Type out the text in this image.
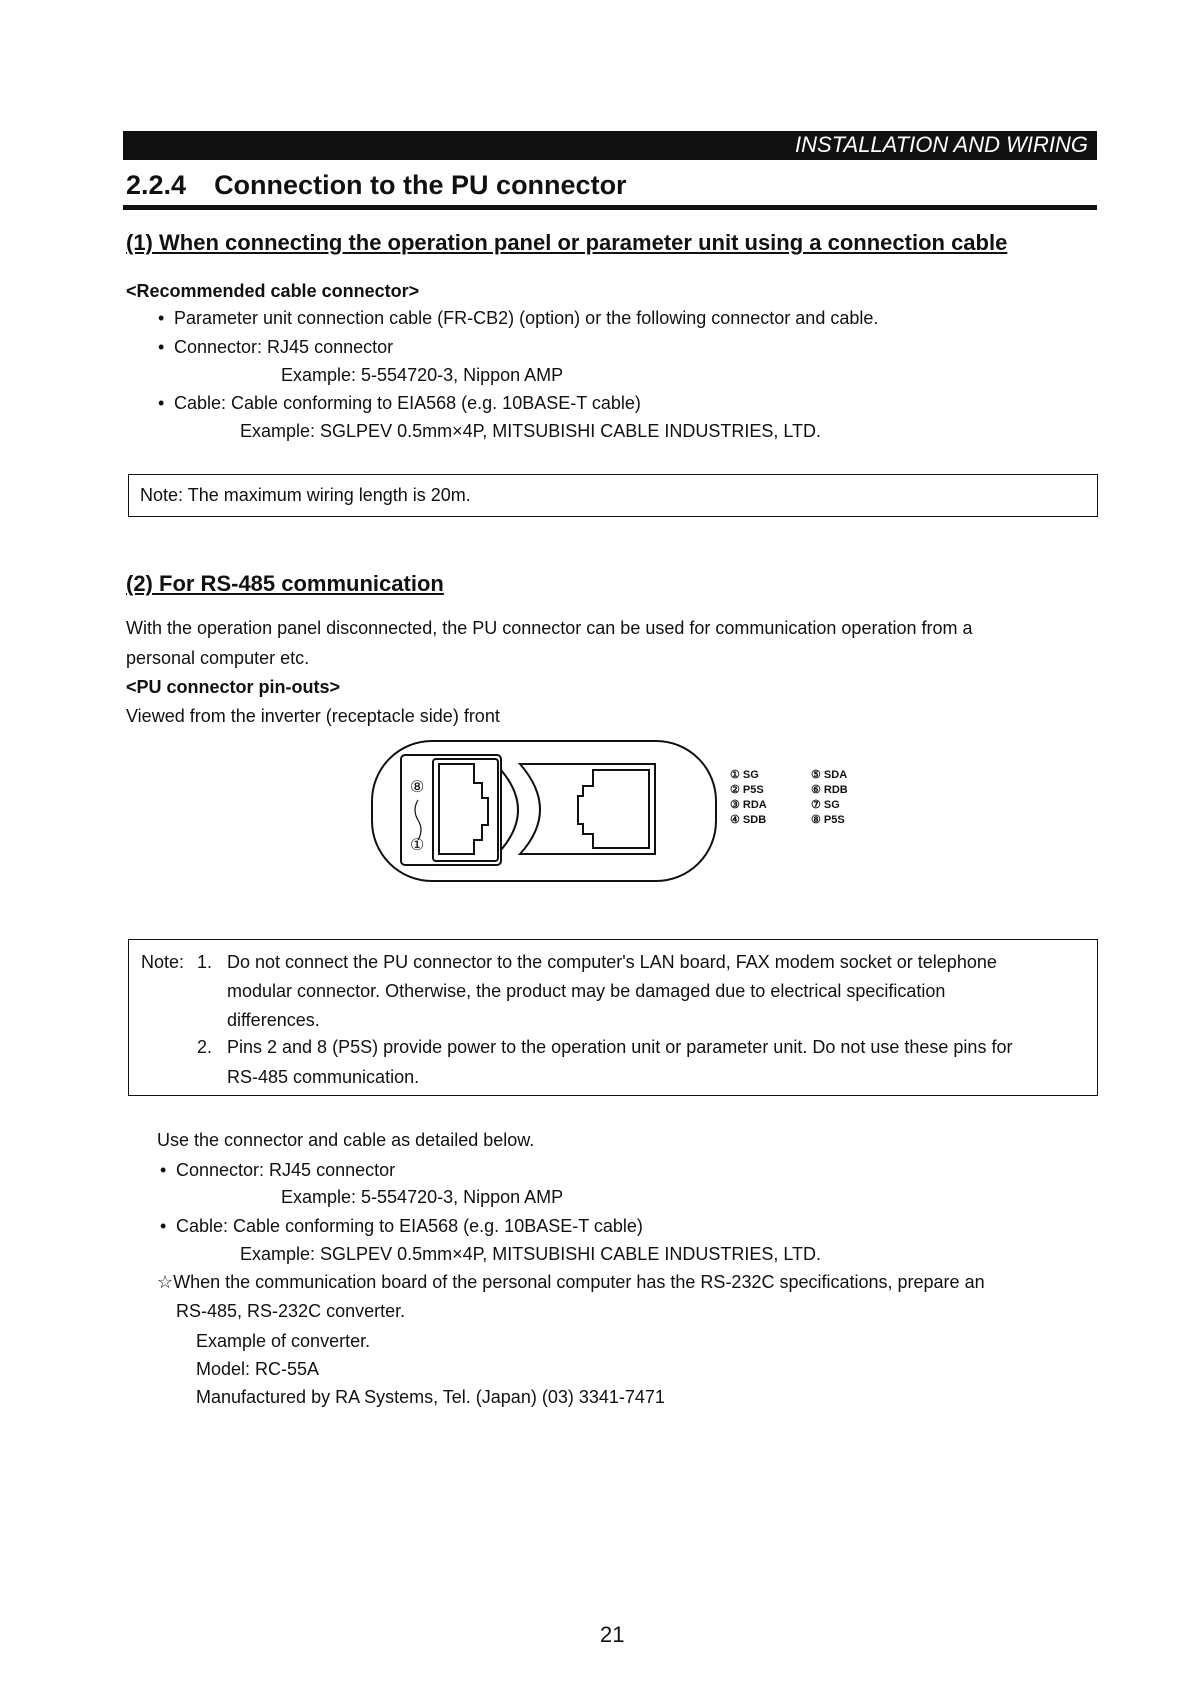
INSTALLATION AND WIRING
2.2.4 Connection to the PU connector
(1) When connecting the operation panel or parameter unit using a connection cable
<Recommended cable connector>
• Parameter unit connection cable (FR-CB2) (option) or the following connector and cable.
• Connector: RJ45 connector
Example: 5-554720-3, Nippon AMP
• Cable: Cable conforming to EIA568 (e.g. 10BASE-T cable)
Example: SGLPEV 0.5mm×4P, MITSUBISHI CABLE INDUSTRIES, LTD.
Note: The maximum wiring length is 20m.
(2) For RS-485 communication
With the operation panel disconnected, the PU connector can be used for communication operation from a
personal computer etc.
<PU connector pin-outs>
Viewed from the inverter (receptacle side) front
⑧
①
① SG
② P5S
③ RDA
④ SDB
⑤ SDA
⑥ RDB
⑦ SG
⑧ P5S
Note: 1. Do not connect the PU connector to the computer's LAN board, FAX modem socket or telephone
modular connector. Otherwise, the product may be damaged due to electrical specification
differences.
2. Pins 2 and 8 (P5S) provide power to the operation unit or parameter unit. Do not use these pins for
RS-485 communication.
Use the connector and cable as detailed below.
• Connector: RJ45 connector
Example: 5-554720-3, Nippon AMP
• Cable: Cable conforming to EIA568 (e.g. 10BASE-T cable)
Example: SGLPEV 0.5mm×4P, MITSUBISHI CABLE INDUSTRIES, LTD.
☆When the communication board of the personal computer has the RS-232C specifications, prepare an
RS-485, RS-232C converter.
Example of converter.
Model: RC-55A
Manufactured by RA Systems, Tel. (Japan) (03) 3341-7471
21
